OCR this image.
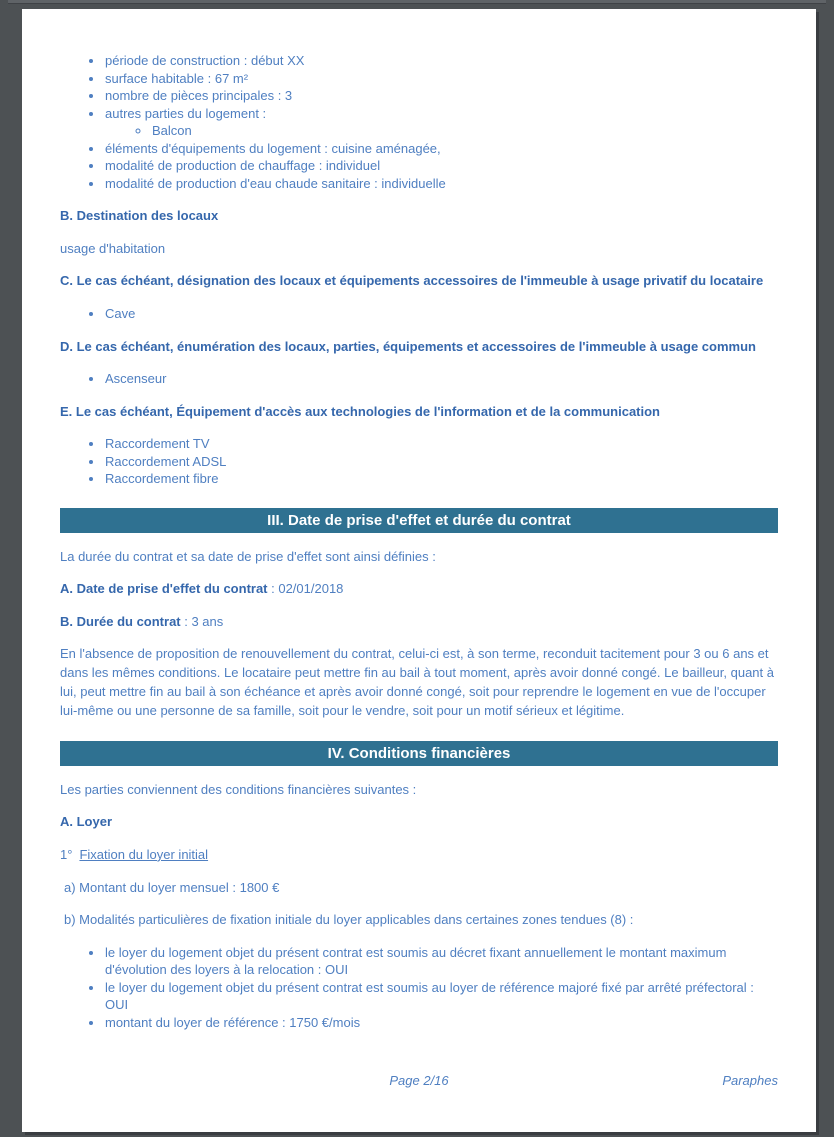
• période de construction : début XX
• surface habitable : 67 m²
• nombre de pièces principales : 3
• autres parties du logement :
◦ Balcon
• éléments d'équipements du logement : cuisine aménagée,
• modalité de production de chauffage : individuel
• modalité de production d'eau chaude sanitaire : individuelle

B. Destination des locaux

usage d'habitation

C. Le cas échéant, désignation des locaux et équipements accessoires de l'immeuble à usage privatif du locataire

• Cave

D. Le cas échéant, énumération des locaux, parties, équipements et accessoires de l'immeuble à usage commun

• Ascenseur

E. Le cas échéant, Équipement d'accès aux technologies de l'information et de la communication

• Raccordement TV
• Raccordement ADSL
• Raccordement fibre
III. Date de prise d'effet et durée du contrat

La durée du contrat et sa date de prise d'effet sont ainsi définies :

A. Date de prise d'effet du contrat : 02/01/2018

B. Durée du contrat : 3 ans

En l'absence de proposition de renouvellement du contrat, celui-ci est, à son terme, reconduit tacitement pour 3 ou 6 ans et dans les mêmes conditions. Le locataire peut mettre fin au bail à tout moment, après avoir donné congé. Le bailleur, quant à lui, peut mettre fin au bail à son échéance et après avoir donné congé, soit pour reprendre le logement en vue de l'occuper lui-même ou une personne de sa famille, soit pour le vendre, soit pour un motif sérieux et légitime.

IV. Conditions financières

Les parties conviennent des conditions financières suivantes :

A. Loyer

1° Fixation du loyer initial

a) Montant du loyer mensuel : 1800 €

b) Modalités particulières de fixation initiale du loyer applicables dans certaines zones tendues (8) :

• le loyer du logement objet du présent contrat est soumis au décret fixant annuellement le montant maximum d'évolution des loyers à la relocation : OUI
• le loyer du logement objet du présent contrat est soumis au loyer de référence majoré fixé par arrêté préfectoral : OUI
• montant du loyer de référence : 1750 €/mois
Page 2/16	Paraphes
